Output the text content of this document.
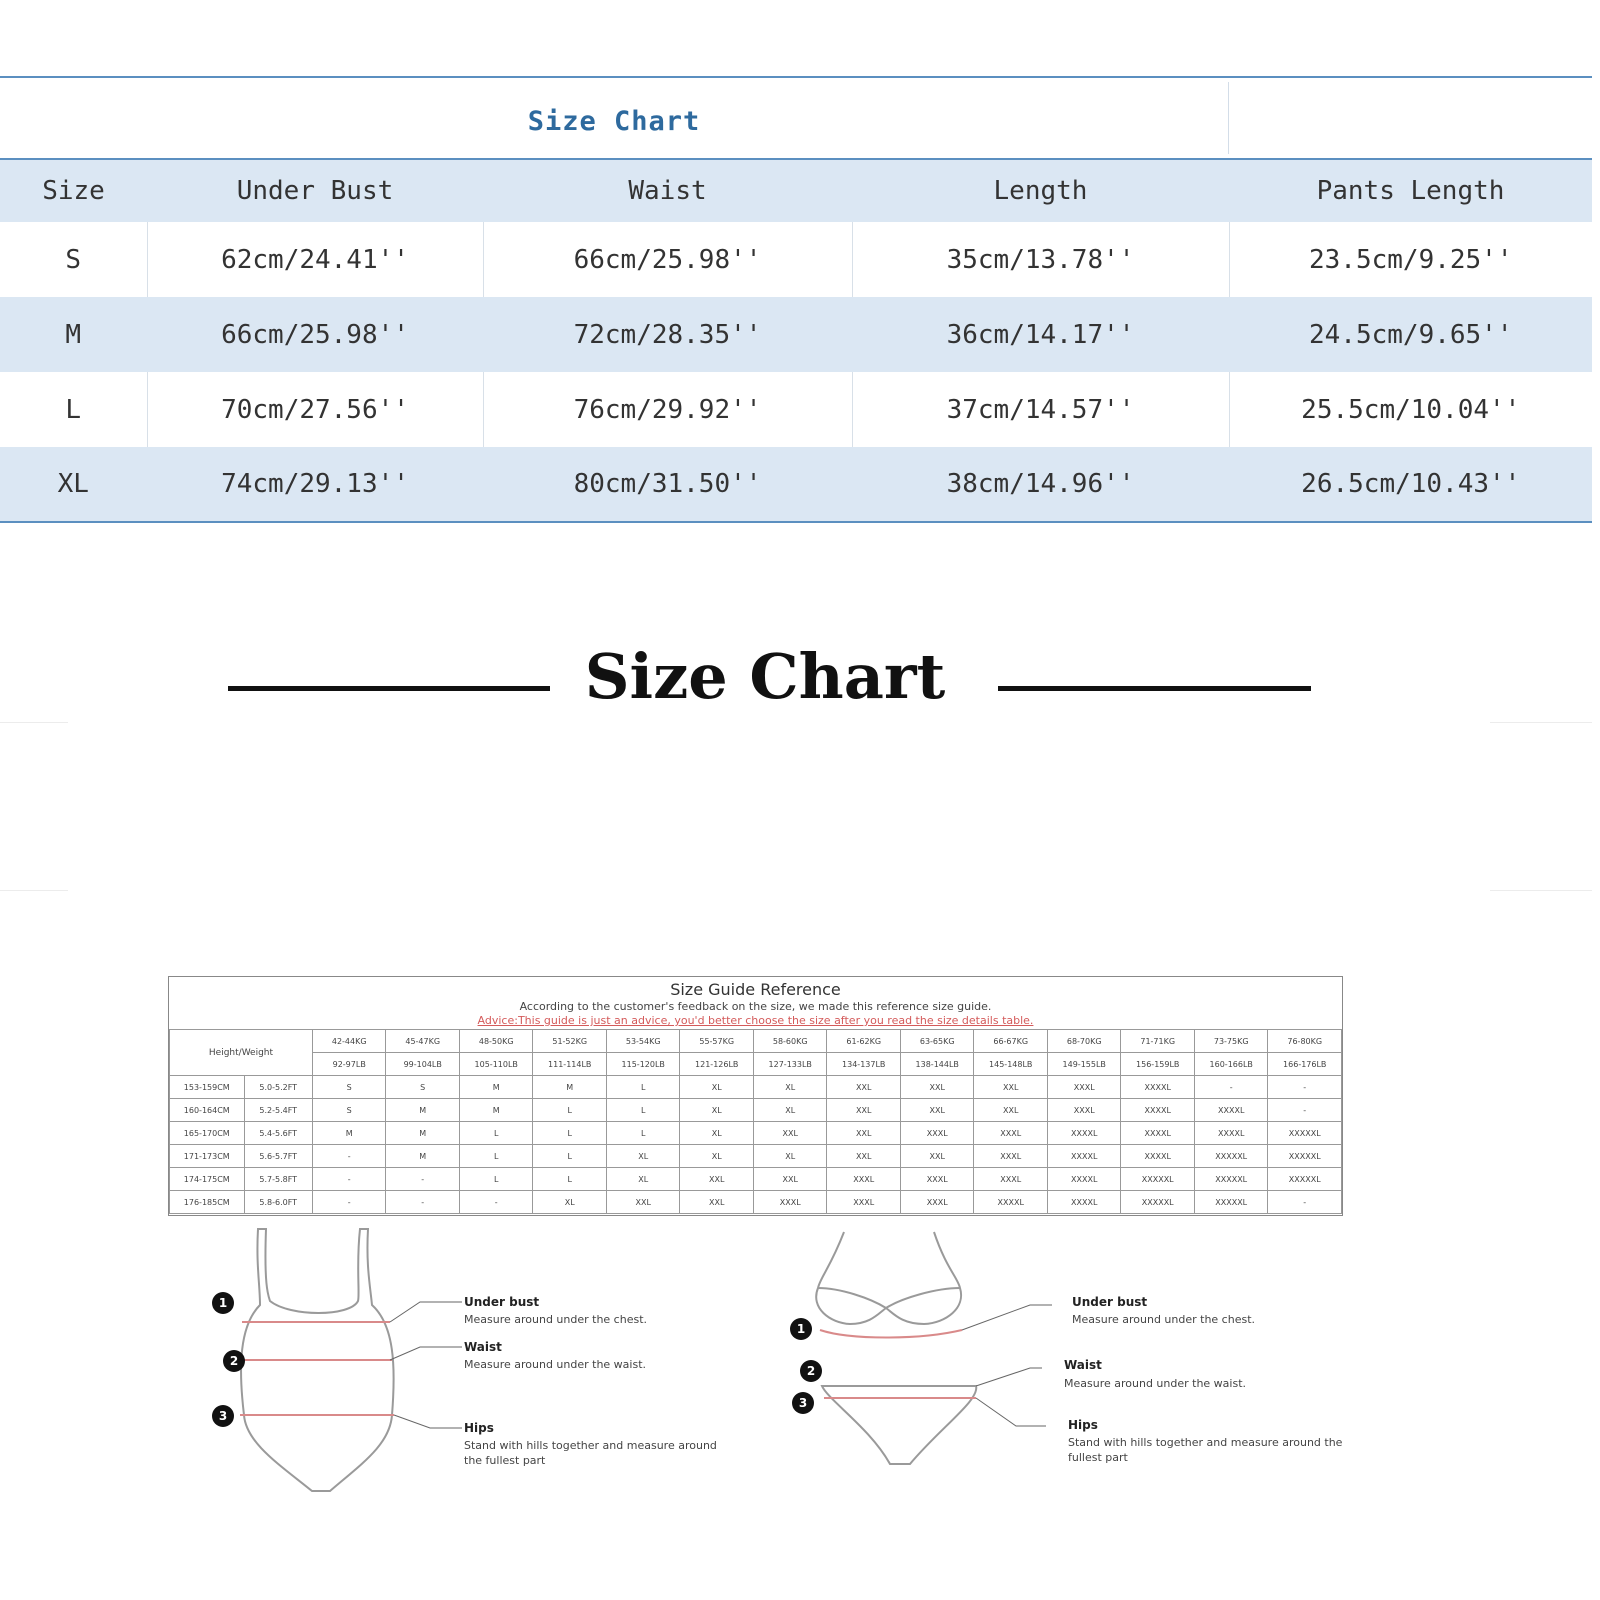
Size Chart
Size	Under Bust	Waist	Length	Pants Length
S	62cm/24.41''	66cm/25.98''	35cm/13.78''	23.5cm/9.25''
M	66cm/25.98''	72cm/28.35''	36cm/14.17''	24.5cm/9.65''
L	70cm/27.56''	76cm/29.92''	37cm/14.57''	25.5cm/10.04''
XL	74cm/29.13''	80cm/31.50''	38cm/14.96''	26.5cm/10.43''
Size Chart
Size Guide Reference
According to the customer's feedback on the size, we made this reference size guide.
Advice:This guide is just an advice, you'd better choose the size after you read the size details table.
Height/Weight		42-44KG	45-47KG	48-50KG	51-52KG	53-54KG	55-57KG	58-60KG	61-62KG	63-65KG	66-67KG	68-70KG	71-71KG	73-75KG	76-80KG
		92-97LB	99-104LB	105-110LB	111-114LB	115-120LB	121-126LB	127-133LB	134-137LB	138-144LB	145-148LB	149-155LB	156-159LB	160-166LB	166-176LB
153-159CM	5.0-5.2FT	S	S	M	M	L	XL	XL	XXL	XXL	XXL	XXXL	XXXXL	-	-
160-164CM	5.2-5.4FT	S	M	M	L	L	XL	XL	XXL	XXL	XXL	XXXL	XXXXL	XXXXL	-
165-170CM	5.4-5.6FT	M	M	L	L	L	XL	XXL	XXL	XXXL	XXXL	XXXXL	XXXXL	XXXXL	XXXXXL
171-173CM	5.6-5.7FT	-	M	L	L	XL	XL	XL	XXL	XXL	XXXL	XXXXL	XXXXL	XXXXXL	XXXXXL
174-175CM	5.7-5.8FT	-	-	L	L	XL	XXL	XXL	XXXL	XXXL	XXXL	XXXXL	XXXXXL	XXXXXL	XXXXXL
176-185CM	5.8-6.0FT	-	-	-	XL	XXL	XXL	XXXL	XXXL	XXXL	XXXXL	XXXXL	XXXXXL	XXXXXL	-
1
2
3
Under bust
Measure around under the chest.
Waist
Measure around under the waist.
Hips
Stand with hills together and measure around the fullest part
1
2
3
Under bust
Measure around under the chest.
Waist
Measure around under the waist.
Hips
Stand with hills together and measure around the fullest part
